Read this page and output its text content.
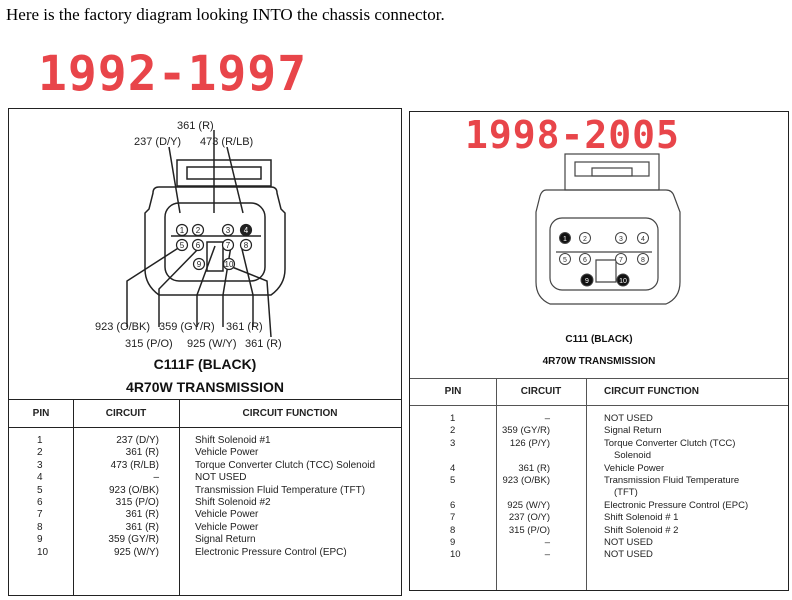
Here is the factory diagram looking INTO the chassis connector.
1992-1997
361 (R)
237 (D/Y) 473 (R/LB)
1 2	3 4
5 6	7 8
9	10
923 (O/BK) 359 (GY/R) 361 (R)
315 (P/O) 925 (W/Y) 361 (R)
C111F (BLACK)
4R70W TRANSMISSION
PIN	CIRCUIT	CIRCUIT FUNCTION

1	237 (D/Y)	Shift Solenoid #1
2	361 (R)	Vehicle Power
3	473 (R/LB)	Torque Converter Clutch (TCC) Solenoid
4	–	NOT USED
5	923 (O/BK)	Transmission Fluid Temperature (TFT)
6	315 (P/O)	Shift Solenoid #2
7	361 (R)	Vehicle Power
8	361 (R)	Vehicle Power
9	359 (GY/R)	Signal Return
10	925 (W/Y)	Electronic Pressure Control (EPC)
1 2	3	4
5 6	7	8
9	10
C111 (BLACK)
4R70W TRANSMISSION
PIN	CIRCUIT	CIRCUIT FUNCTION

1	–	NOT USED
2	359 (GY/R)	Signal Return
3	126 (P/Y)	Torque Converter Clutch (TCC)
		Solenoid
4	361 (R)	Vehicle Power
5	923 (O/BK)	Transmission Fluid Temperature
		(TFT)
6	925 (W/Y)	Electronic Pressure Control (EPC)
7	237 (O/Y)	Shift Solenoid # 1
8	315 (P/O)	Shift Solenoid # 2
9	–	NOT USED
10	–	NOT USED
1998-2005
